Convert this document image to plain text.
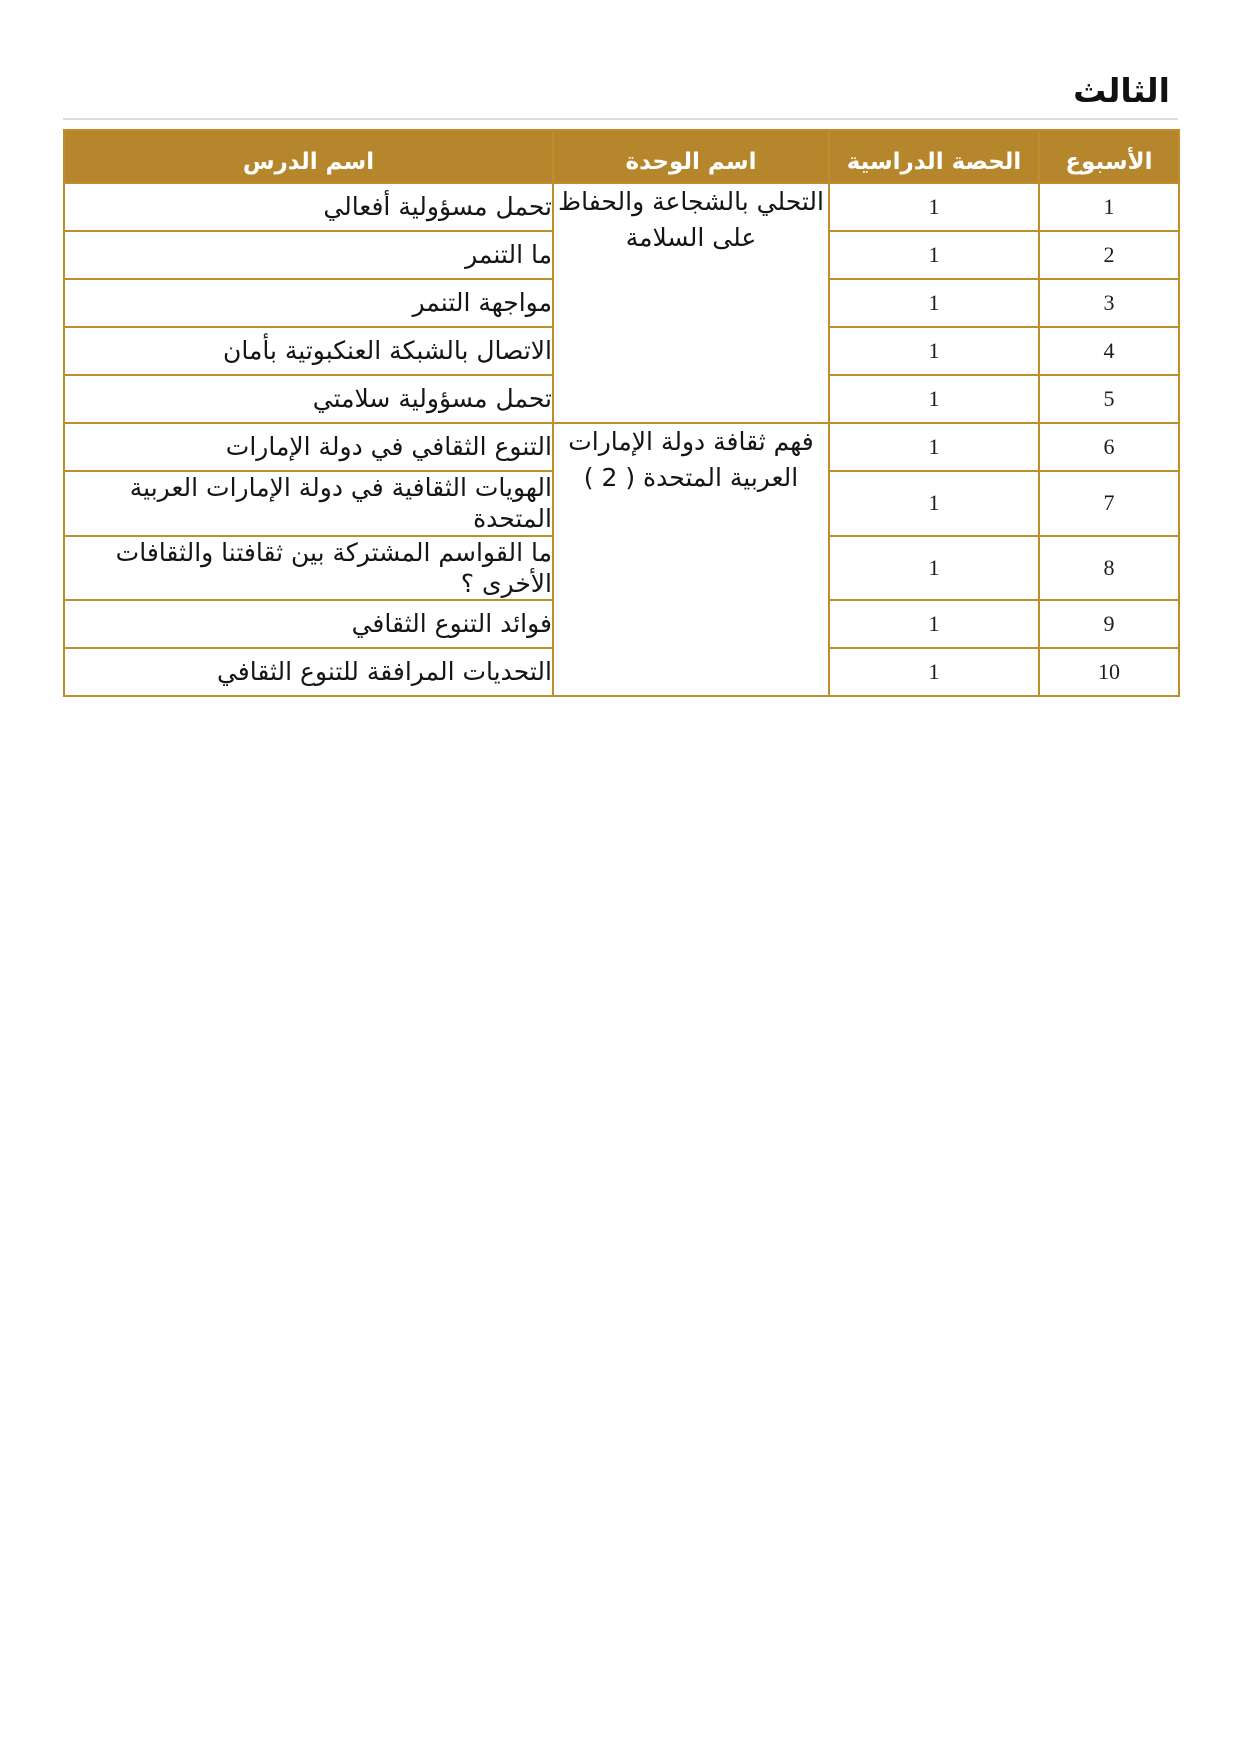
الثالث
الأسبوع	الحصة الدراسية	اسم الوحدة	اسم الدرس
1	1	التحلي بالشجاعة والحفاظ على السلامة	تحمل مسؤولية أفعالي
2	1		ما التنمر
3	1		مواجهة التنمر
4	1		الاتصال بالشبكة العنكبوتية بأمان
5	1		تحمل مسؤولية سلامتي
6	1	فهم ثقافة دولة الإمارات العربية المتحدة ( 2 )	التنوع الثقافي في دولة الإمارات
7	1		الهويات الثقافية في دولة الإمارات العربية المتحدة
8	1		ما القواسم المشتركة بين ثقافتنا والثقافات الأخرى ؟
9	1		فوائد التنوع الثقافي
10	1		التحديات المرافقة للتنوع الثقافي
